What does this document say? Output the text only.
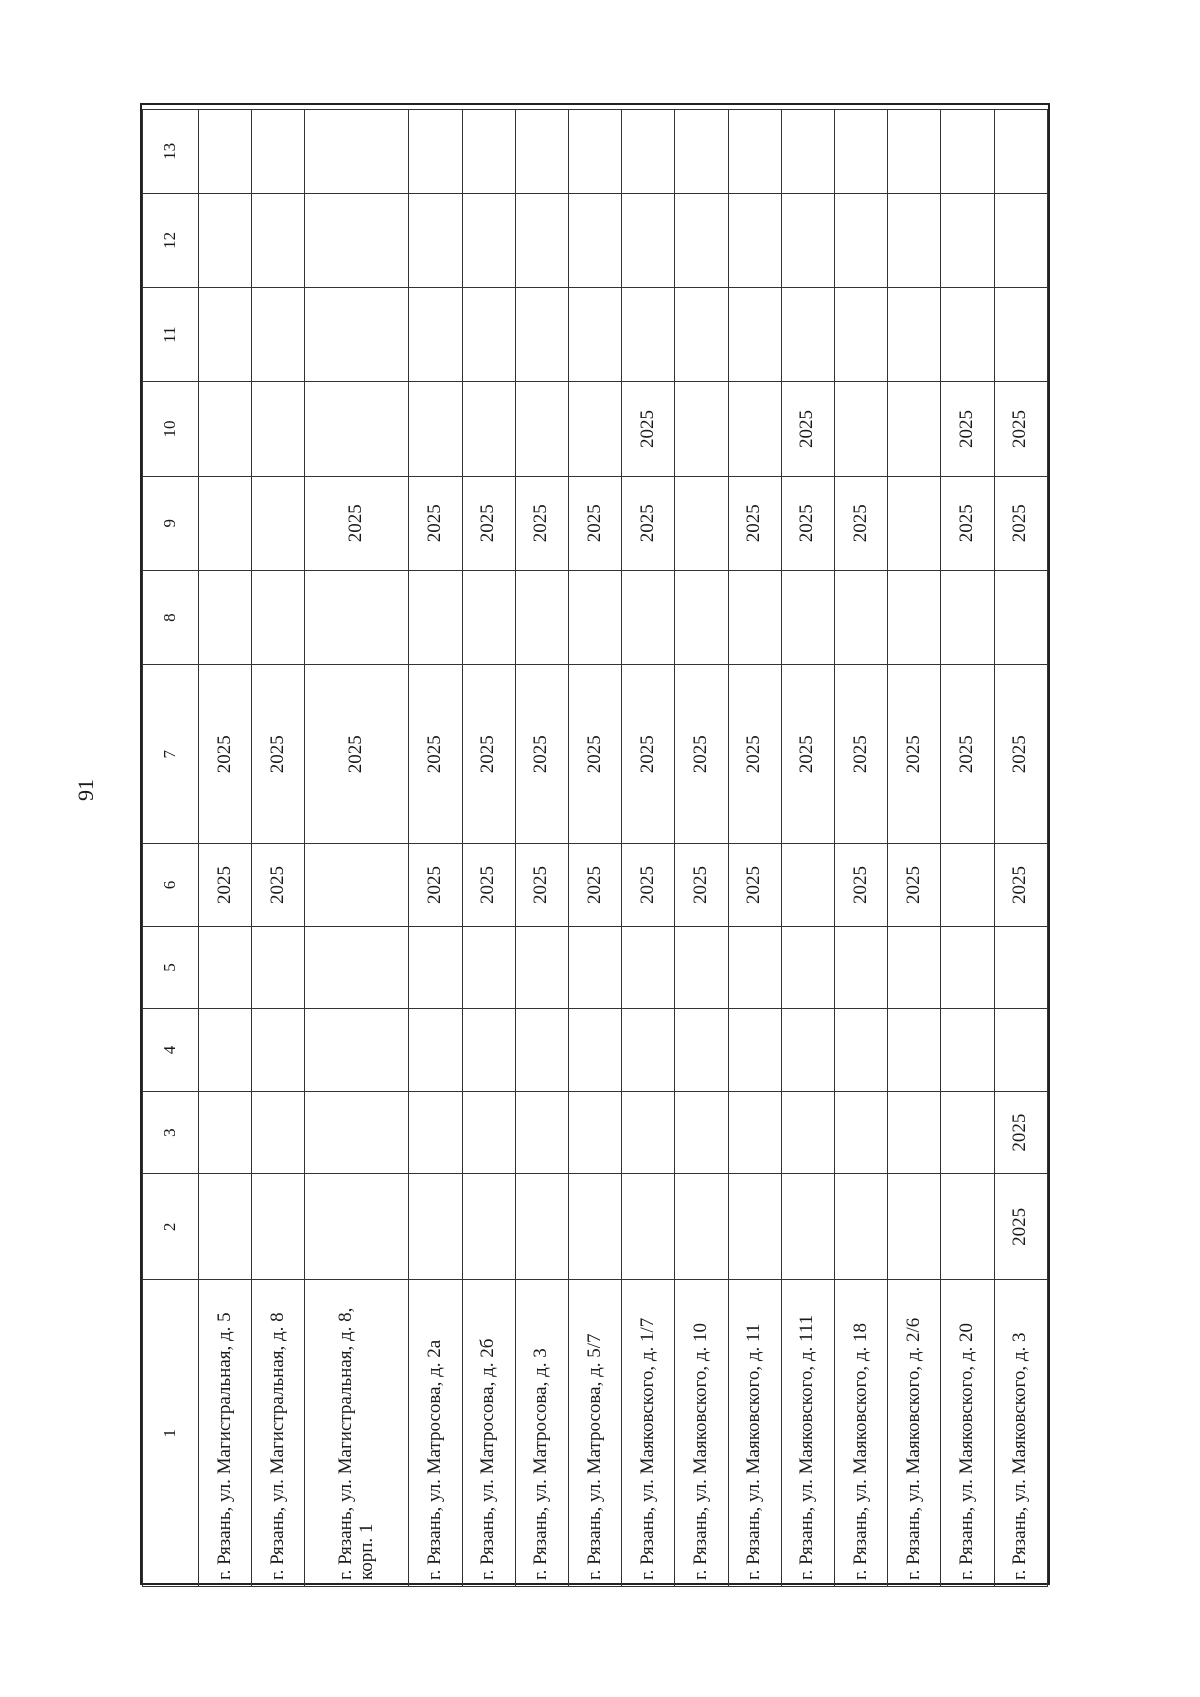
91
1	2	3	4	5	6	7	8	9	10	11	12	13
г. Рязань, ул. Магистральная, д. 5					2025	2025						
г. Рязань, ул. Магистральная, д. 8					2025	2025						
г. Рязань, ул. Магистральная, д. 8, корп. 1						2025		2025				
г. Рязань, ул. Матросова, д. 2а					2025	2025		2025				
г. Рязань, ул. Матросова, д. 2б					2025	2025		2025				
г. Рязань, ул. Матросова, д. 3					2025	2025		2025				
г. Рязань, ул. Матросова, д. 5/7					2025	2025		2025				
г. Рязань, ул. Маяковского, д. 1/7					2025	2025		2025	2025			
г. Рязань, ул. Маяковского, д. 10					2025	2025						
г. Рязань, ул. Маяковского, д. 11					2025	2025		2025				
г. Рязань, ул. Маяковского, д. 111						2025		2025	2025			
г. Рязань, ул. Маяковского, д. 18					2025	2025		2025				
г. Рязань, ул. Маяковского, д. 2/6					2025	2025						
г. Рязань, ул. Маяковского, д. 20						2025		2025	2025			
г. Рязань, ул. Маяковского, д. 3	2025	2025			2025	2025		2025	2025			
